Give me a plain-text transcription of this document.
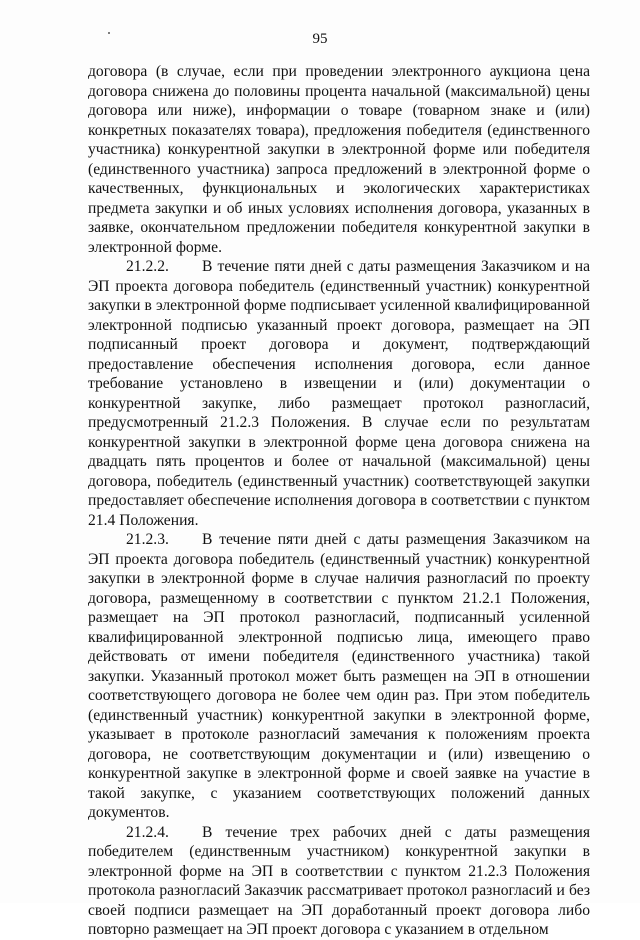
95

договора (в случае, если при проведении электронного аукциона цена договора снижена до половины процента начальной (максимальной) цены договора или ниже), информации о товаре (товарном знаке и (или) конкретных показателях товара), предложения победителя (единственного участника) конкурентной закупки в электронной форме или победителя (единственного участника) запроса предложений в электронной форме о качественных, функциональных и экологических характеристиках предмета закупки и об иных условиях исполнения договора, указанных в заявке, окончательном предложении победителя конкурентной закупки в электронной форме.

21.2.2. В течение пяти дней с даты размещения Заказчиком и на ЭП проекта договора победитель (единственный участник) конкурентной закупки в электронной форме подписывает усиленной квалифицированной электронной подписью указанный проект договора, размещает на ЭП подписанный проект договора и документ, подтверждающий предоставление обеспечения исполнения договора, если данное требование установлено в извещении и (или) документации о конкурентной закупке, либо размещает протокол разногласий, предусмотренный 21.2.3 Положения. В случае если по результатам конкурентной закупки в электронной форме цена договора снижена на двадцать пять процентов и более от начальной (максимальной) цены договора, победитель (единственный участник) соответствующей закупки предоставляет обеспечение исполнения договора в соответствии с пунктом 21.4 Положения.

21.2.3. В течение пяти дней с даты размещения Заказчиком на ЭП проекта договора победитель (единственный участник) конкурентной закупки в электронной форме в случае наличия разногласий по проекту договора, размещенному в соответствии с пунктом 21.2.1 Положения, размещает на ЭП протокол разногласий, подписанный усиленной квалифицированной электронной подписью лица, имеющего право действовать от имени победителя (единственного участника) такой закупки. Указанный протокол может быть размещен на ЭП в отношении соответствующего договора не более чем один раз. При этом победитель (единственный участник) конкурентной закупки в электронной форме, указывает в протоколе разногласий замечания к положениям проекта договора, не соответствующим документации и (или) извещению о конкурентной закупке в электронной форме и своей заявке на участие в такой закупке, с указанием соответствующих положений данных документов.

21.2.4. В течение трех рабочих дней с даты размещения победителем (единственным участником) конкурентной закупки в электронной форме на ЭП в соответствии с пунктом 21.2.3 Положения протокола разногласий Заказчик рассматривает протокол разногласий и без своей подписи размещает на ЭП доработанный проект договора либо повторно размещает на ЭП проект договора с указанием в отдельном
